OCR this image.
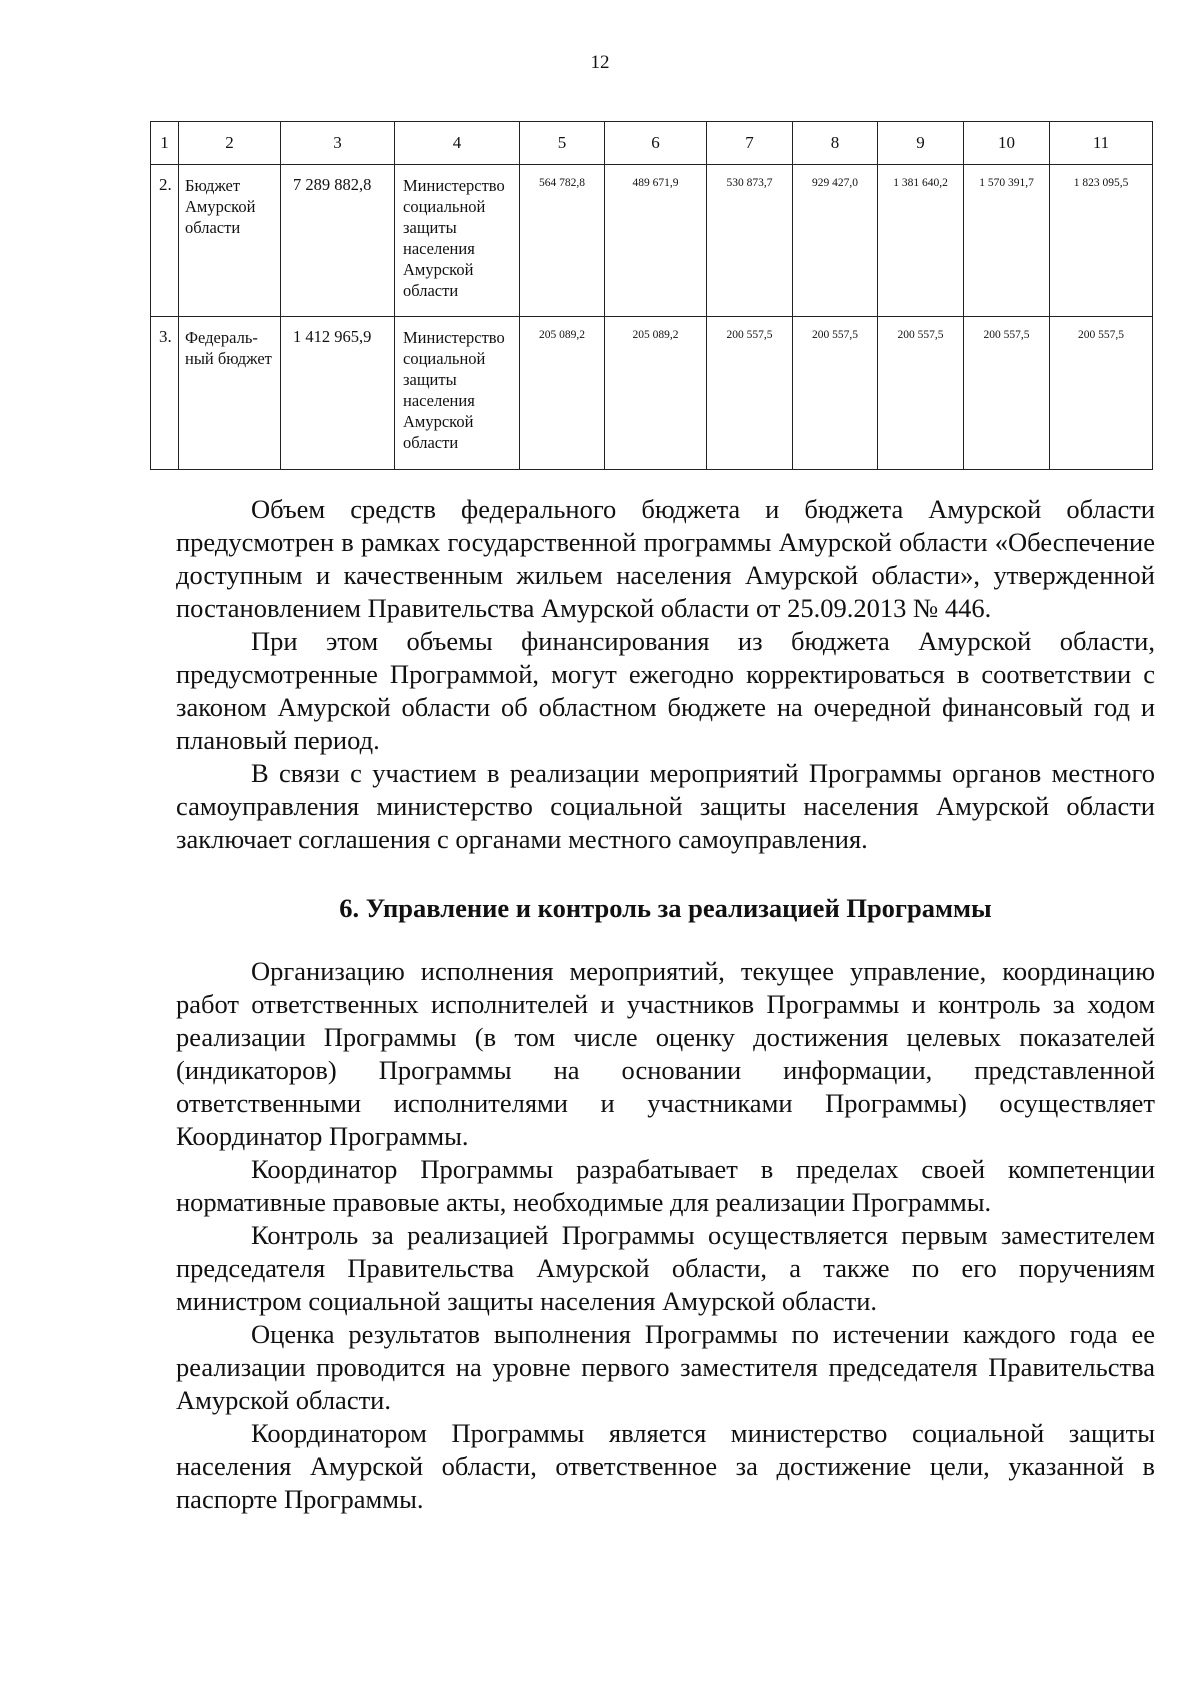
12
1	2	3	4	5	6	7	8	9	10	11
2.	Бюджет Амурской области	7 289 882,8	Министерство социальной защиты населения Амурской области	564 782,8	489 671,9	530 873,7	929 427,0	1 381 640,2	1 570 391,7	1 823 095,5
3.	Федераль-ный бюджет	1 412 965,9	Министерство социальной защиты населения Амурской области	205 089,2	205 089,2	200 557,5	200 557,5	200 557,5	200 557,5	200 557,5

Объем средств федерального бюджета и бюджета Амурской области предусмотрен в рамках государственной программы Амурской области «Обеспечение доступным и качественным жильем населения Амурской области», утвержденной постановлением Правительства Амурской области от 25.09.2013 № 446.

При этом объемы финансирования из бюджета Амурской области, предусмотренные Программой, могут ежегодно корректироваться в соответствии с законом Амурской области об областном бюджете на очередной финансовый год и плановый период.

В связи с участием в реализации мероприятий Программы органов местного самоуправления министерство социальной защиты населения Амурской области заключает соглашения с органами местного самоуправления.

6. Управление и контроль за реализацией Программы

Организацию исполнения мероприятий, текущее управление, координацию работ ответственных исполнителей и участников Программы и контроль за ходом реализации Программы (в том числе оценку достижения целевых показателей (индикаторов) Программы на основании информации, представленной ответственными исполнителями и участниками Программы) осуществляет Координатор Программы.

Координатор Программы разрабатывает в пределах своей компетенции нормативные правовые акты, необходимые для реализации Программы.

Контроль за реализацией Программы осуществляется первым заместителем председателя Правительства Амурской области, а также по его поручениям министром социальной защиты населения Амурской области.

Оценка результатов выполнения Программы по истечении каждого года ее реализации проводится на уровне первого заместителя председателя Правительства Амурской области.

Координатором Программы является министерство социальной защиты населения Амурской области, ответственное за достижение цели, указанной в паспорте Программы.
